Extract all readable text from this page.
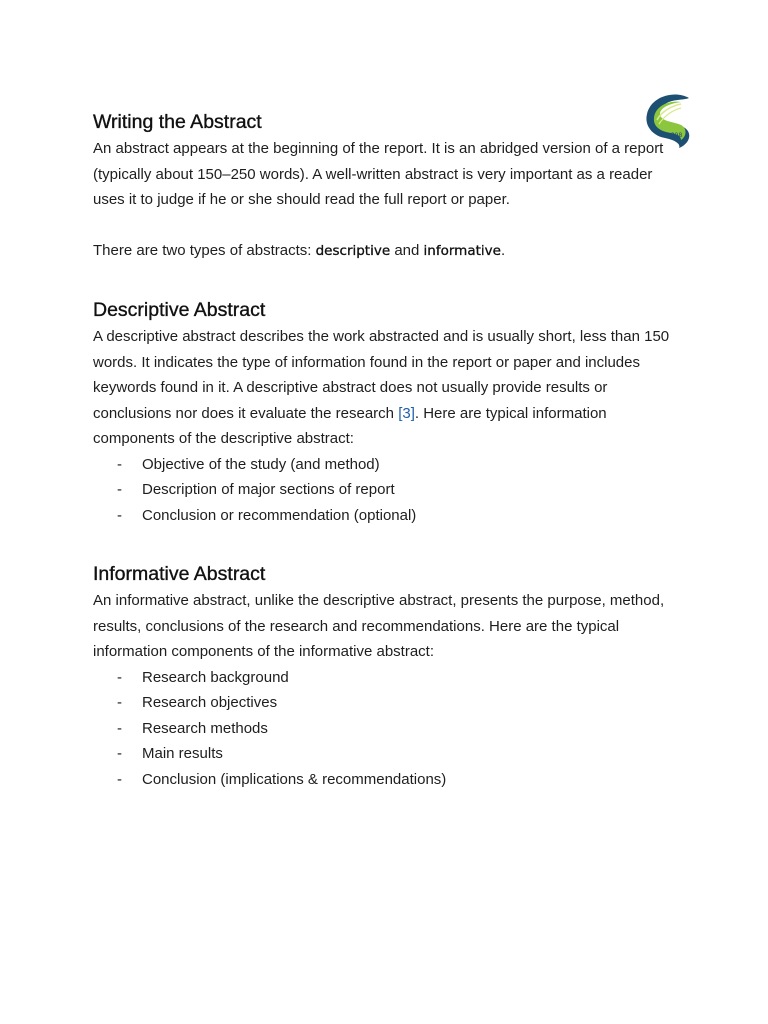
1398
Writing the Abstract

An abstract appears at the beginning of the report. It is an abridged version of a report (typically about 150–250 words). A well-written abstract is very important as a reader uses it to judge if he or she should read the full report or paper.

There are two types of abstracts: descriptive and informative.

Descriptive Abstract

A descriptive abstract describes the work abstracted and is usually short, less than 150 words. It indicates the type of information found in the report or paper and includes keywords found in it. A descriptive abstract does not usually provide results or conclusions nor does it evaluate the research [3]. Here are typical information components of the descriptive abstract:

- Objective of the study (and method)
- Description of major sections of report
- Conclusion or recommendation (optional)
Informative Abstract

An informative abstract, unlike the descriptive abstract, presents the purpose, method, results, conclusions of the research and recommendations. Here are the typical information components of the informative abstract:

- Research background
- Research objectives
- Research methods
- Main results
- Conclusion (implications & recommendations)
